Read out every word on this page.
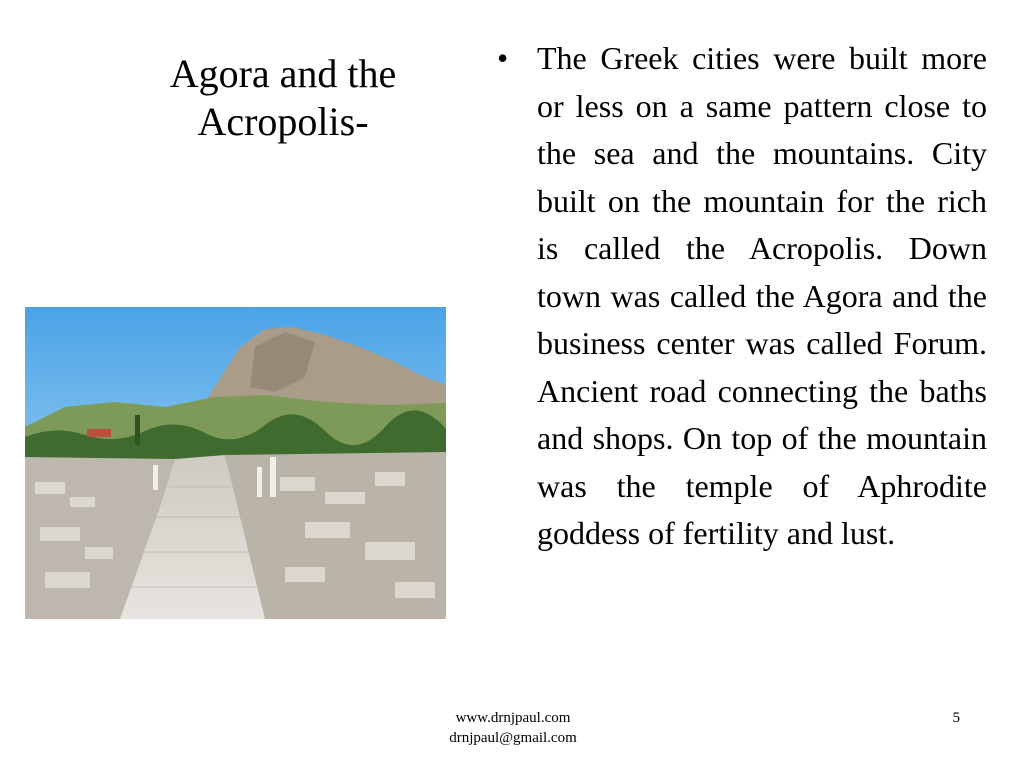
Agora and the
Acropolis-
• The Greek cities were built more or less on a same pattern close to the sea and the mountains. City built on the mountain for the rich is called the Acropolis. Down town was called the Agora and the business center was called Forum. Ancient road connecting the baths and shops. On top of the mountain was the temple of Aphrodite goddess of fertility and lust.
www.drnjpaul.com
drnjpaul@gmail.com
5
